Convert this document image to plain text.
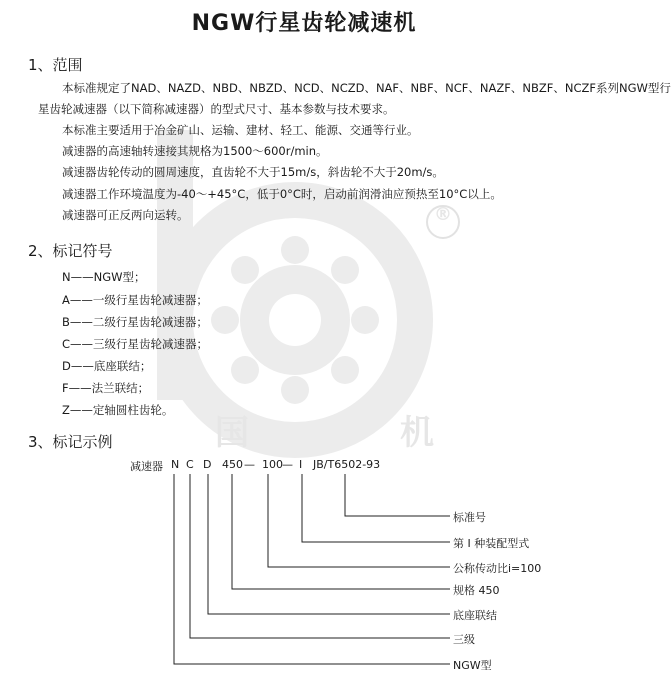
®
国	机
NGW行星齿轮减速机
1、范围
本标准规定了NAD、NAZD、NBD、NBZD、NCD、NCZD、NAF、NBF、NCF、NAZF、NBZF、NCZF系列NGW型行
星齿轮减速器（以下简称减速器）的型式尺寸、基本参数与技术要求。
本标准主要适用于冶金矿山、运输、建材、轻工、能源、交通等行业。
减速器的高速轴转速接其规格为1500～600r/min。
减速器齿轮传动的圆周速度，直齿轮不大于15m/s，斜齿轮不大于20m/s。
减速器工作环境温度为-40～+45°C，低于0°C时，启动前润滑油应预热至10°C以上。
减速器可正反两向运转。
2、标记符号
N——NGW型；
A——一级行星齿轮减速器；
B——二级行星齿轮减速器；
C——三级行星齿轮减速器；
D——底座联结；
F——法兰联结；
Z——定轴圆柱齿轮。
3、标记示例
减速器 N C D 450 — 100 — I JB/T6502-93
标准号
第 I 种装配型式
公称传动比i=100
规格 450
底座联结
三级
NGW型
